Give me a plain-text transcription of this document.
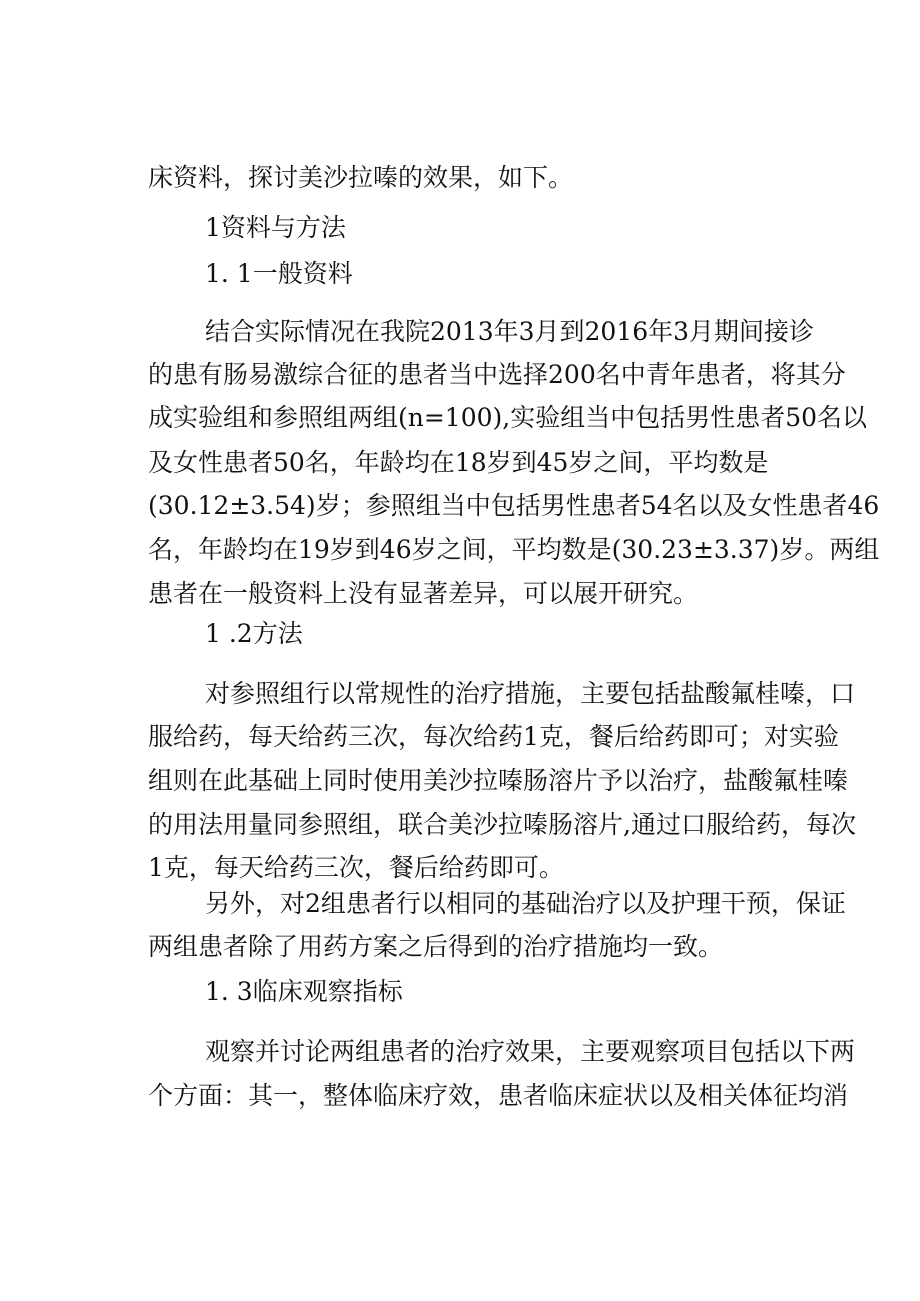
床资料，探讨美沙拉嗪的效果，如下。
1资料与方法
1. 1一般资料
结合实际情况在我院2013年3月到2016年3月期间接诊
的患有肠易激综合征的患者当中选择200名中青年患者，将其分
成实验组和参照组两组(n=100),实验组当中包括男性患者50名以
及女性患者50名，年龄均在18岁到45岁之间，平均数是
(30.12±3.54)岁；参照组当中包括男性患者54名以及女性患者46
名，年龄均在19岁到46岁之间，平均数是(30.23±3.37)岁。两组
患者在一般资料上没有显著差异，可以展开研究。
1 .2方法
对参照组行以常规性的治疗措施，主要包括盐酸氟桂嗪，口
服给药，每天给药三次，每次给药1克，餐后给药即可；对实验
组则在此基础上同时使用美沙拉嗪肠溶片予以治疗，盐酸氟桂嗪
的用法用量同参照组，联合美沙拉嗪肠溶片,通过口服给药，每次
1克，每天给药三次，餐后给药即可。
另外，对2组患者行以相同的基础治疗以及护理干预，保证
两组患者除了用药方案之后得到的治疗措施均一致。
1. 3临床观察指标
观察并讨论两组患者的治疗效果，主要观察项目包括以下两
个方面：其一，整体临床疗效，患者临床症状以及相关体征均消
